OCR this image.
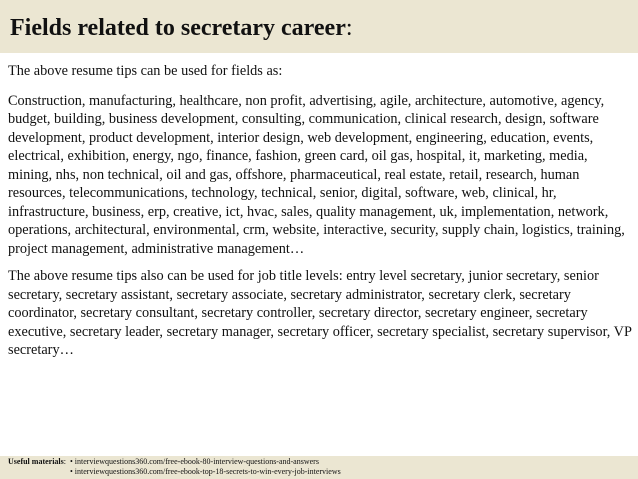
Fields related to secretary career:

The above resume tips can be used for fields as:

Construction, manufacturing, healthcare, non profit, advertising, agile, architecture, automotive, agency, budget, building, business development, consulting, communication, clinical research, design, software development, product development, interior design, web development, engineering, education, events, electrical, exhibition, energy, ngo, finance, fashion, green card, oil gas, hospital, it, marketing, media, mining, nhs, non technical, oil and gas, offshore, pharmaceutical, real estate, retail, research, human resources, telecommunications, technology, technical, senior, digital, software, web, clinical, hr, infrastructure, business, erp, creative, ict, hvac, sales, quality management, uk, implementation, network, operations, architectural, environmental, crm, website, interactive, security, supply chain, logistics, training, project management, administrative management…

The above resume tips also can be used for job title levels: entry level secretary, junior secretary, senior secretary, secretary assistant, secretary associate, secretary administrator, secretary clerk, secretary coordinator, secretary consultant, secretary controller, secretary director, secretary engineer, secretary executive, secretary leader, secretary manager, secretary officer, secretary specialist, secretary supervisor, VP secretary…

Useful materials: • interviewquestions360.com/free-ebook-80-interview-questions-and-answers
• interviewquestions360.com/free-ebook-top-18-secrets-to-win-every-job-interviews
